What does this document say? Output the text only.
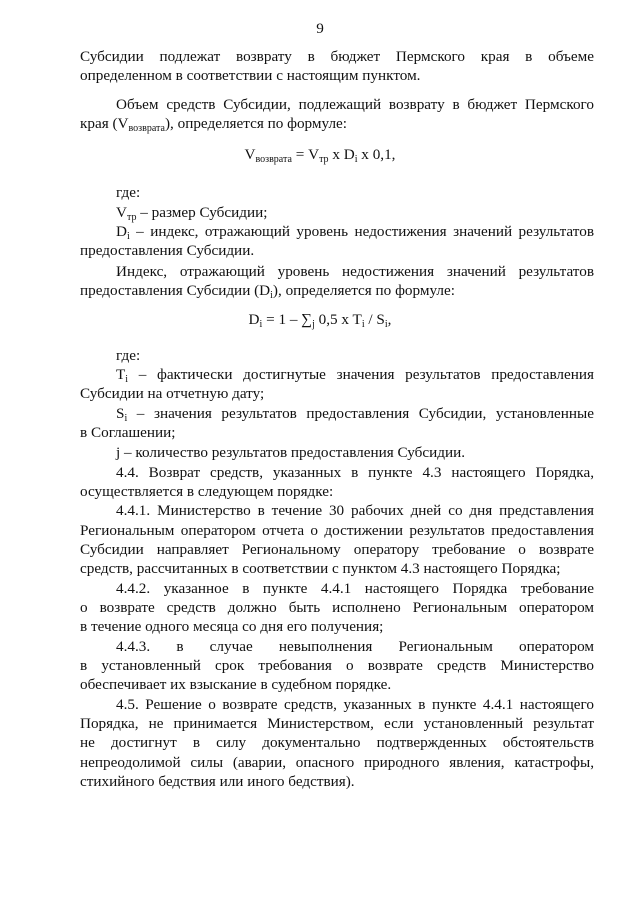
9
Субсидии подлежат возврату в бюджет Пермского края в объеме
определенном в соответствии с настоящим пунктом.
Объем средств Субсидии, подлежащий возврату в бюджет Пермского
края $(V_{возврата})$, определяется по формуле:
$V_{возврата} = V_{тр}$ x $D_i$ x 0,1,
где:
$V_{тр}$ – размер Субсидии;
$D_i$ – индекс, отражающий уровень недостижения значений результатов
предоставления Субсидии.
Индекс, отражающий уровень недостижения значений результатов
предоставления Субсидии $(D_i)$, определяется по формуле:
$D_i = 1 - \sum_j$ 0,5 x $T_i / S_i$,
где:
$T_i$ – фактически достигнутые значения результатов предоставления
Субсидии на отчетную дату;
$S_i$ – значения результатов предоставления Субсидии, установленные
в Соглашении;
j – количество результатов предоставления Субсидии.
4.4. Возврат средств, указанных в пункте 4.3 настоящего Порядка,
осуществляется в следующем порядке:
4.4.1. Министерство в течение 30 рабочих дней со дня представления
Региональным оператором отчета о достижении результатов предоставления
Субсидии направляет Региональному оператору требование о возврате
средств, рассчитанных в соответствии с пунктом 4.3 настоящего Порядка;
4.4.2. указанное в пункте 4.4.1 настоящего Порядка требование
о возврате средств должно быть исполнено Региональным оператором
в течение одного месяца со дня его получения;
4.4.3. в случае невыполнения Региональным оператором
в установленный срок требования о возврате средств Министерство
обеспечивает их взыскание в судебном порядке.
4.5. Решение о возврате средств, указанных в пункте 4.4.1 настоящего
Порядка, не принимается Министерством, если установленный результат
не достигнут в силу документально подтвержденных обстоятельств
непреодолимой силы (аварии, опасного природного явления, катастрофы,
стихийного бедствия или иного бедствия).
